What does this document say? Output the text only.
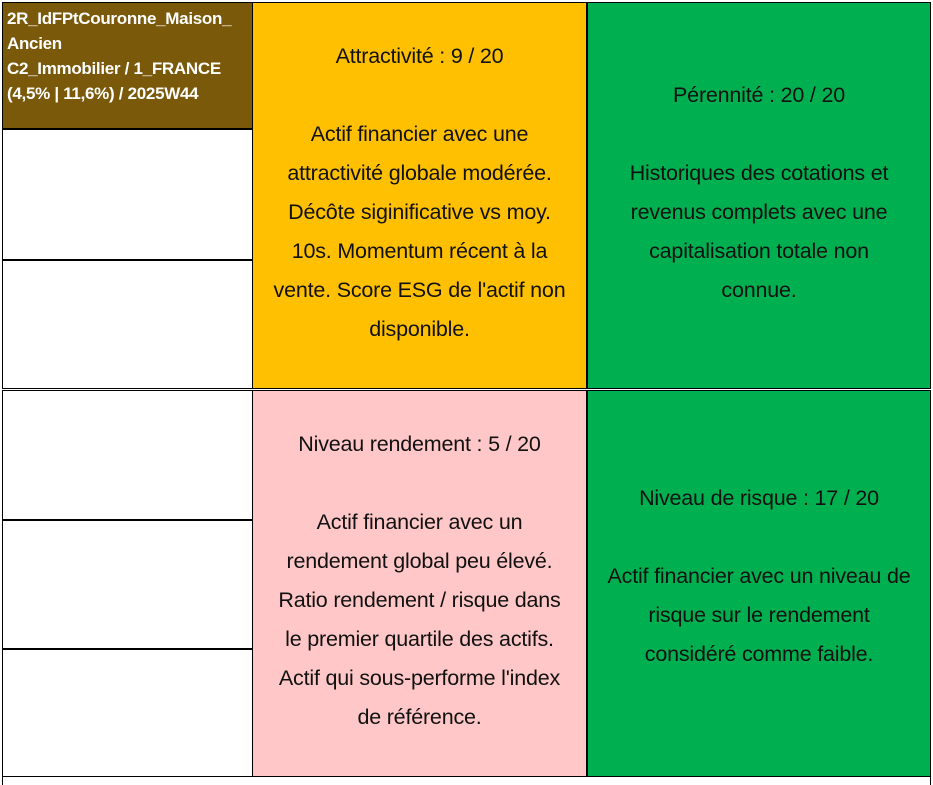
2R_IdFPtCouronne_Maison_
Ancien
C2_Immobilier / 1_FRANCE
(4,5% | 11,6%) / 2025W44
Attractivité : 9 / 20
Actif financier avec une
attractivité globale modérée.
Décôte siginificative vs moy.
10s. Momentum récent à la
vente. Score ESG de l'actif non
disponible.
Pérennité : 20 / 20
Historiques des cotations et
revenus complets avec une
capitalisation totale non
connue.
Niveau rendement : 5 / 20
Actif financier avec un
rendement global peu élevé.
Ratio rendement / risque dans
le premier quartile des actifs.
Actif qui sous-performe l'index
de référence.
Niveau de risque : 17 / 20
Actif financier avec un niveau de
risque sur le rendement
considéré comme faible.
